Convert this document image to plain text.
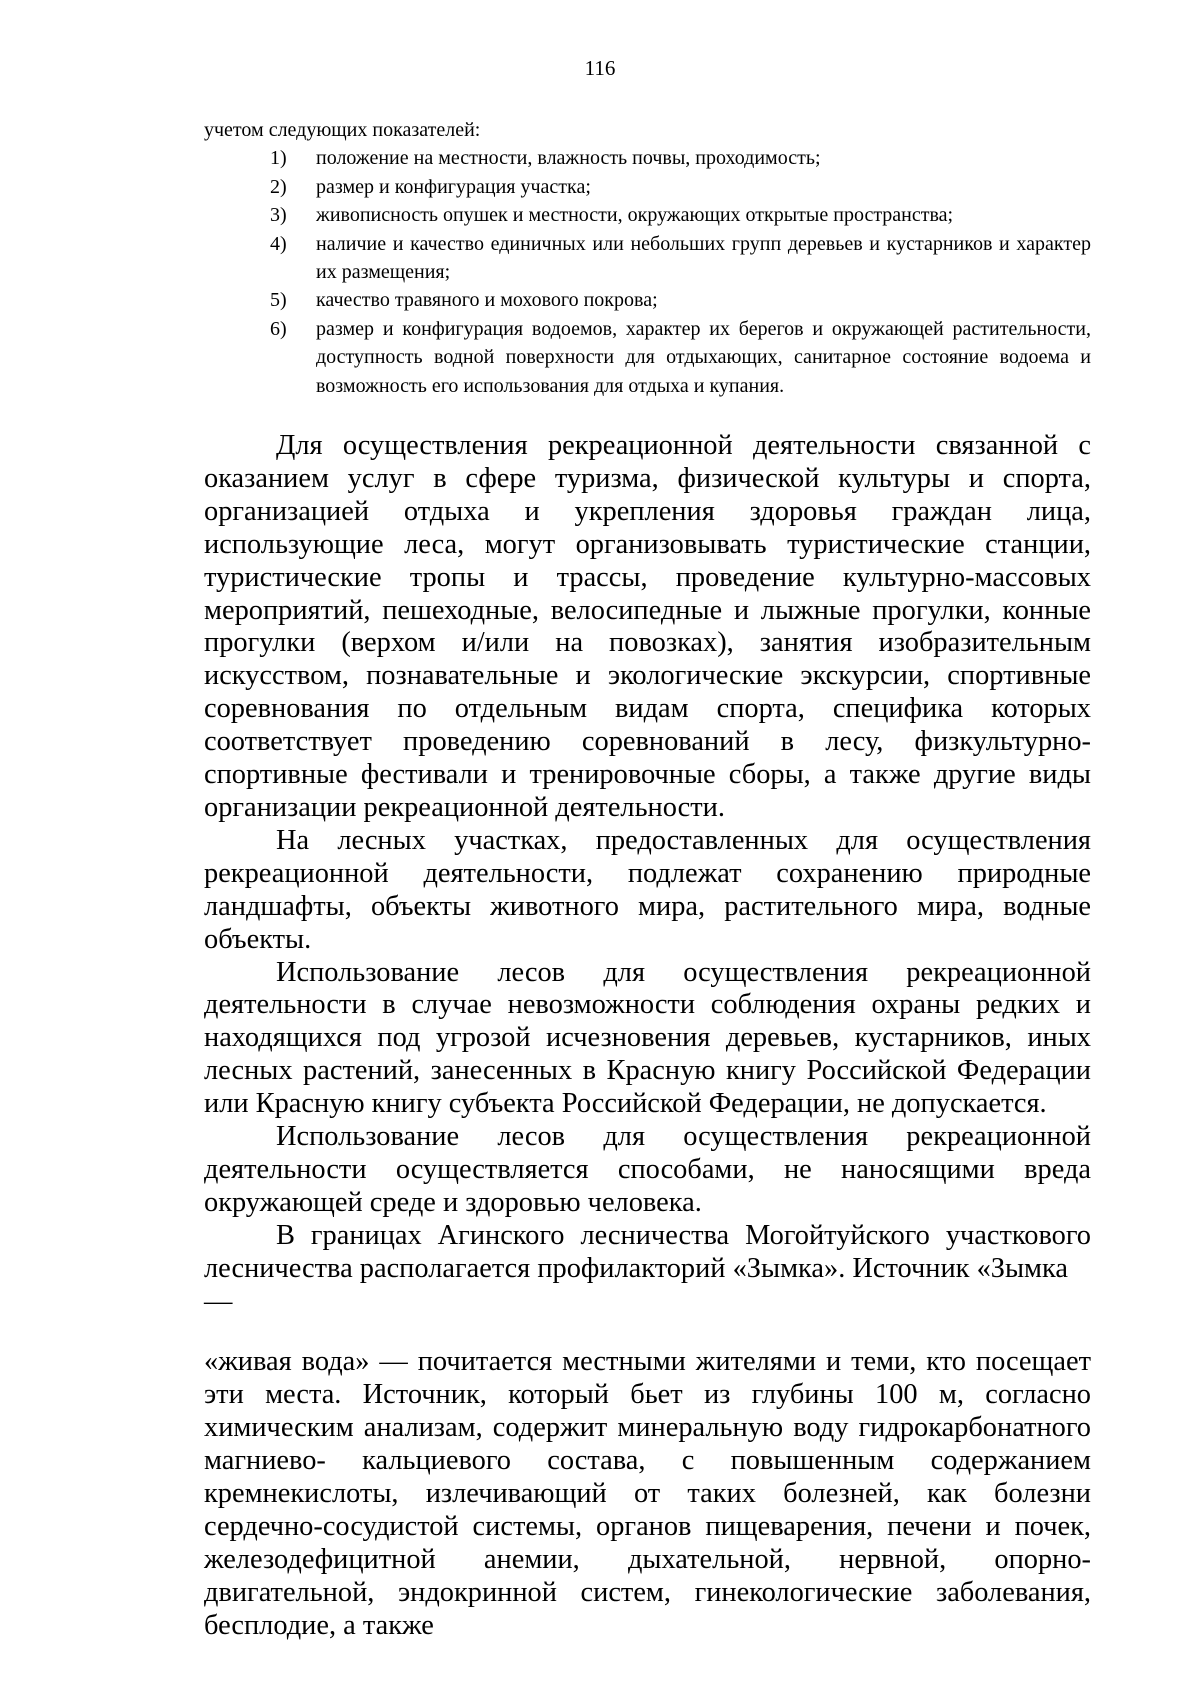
116

учетом следующих показателей:

1) положение на местности, влажность почвы, проходимость;
2) размер и конфигурация участка;
3) живописность опушек и местности, окружающих открытые пространства;
4) наличие и качество единичных или небольших групп деревьев и кустарников и характер их размещения;
5) качество травяного и мохового покрова;
6) размер и конфигурация водоемов, характер их берегов и окружающей растительности, доступность водной поверхности для отдыхающих, санитарное состояние водоема и возможность его использования для отдыха и купания.

Для осуществления рекреационной деятельности связанной с оказанием услуг в сфере туризма, физической культуры и спорта, организацией отдыха и укрепления здоровья граждан лица, использующие леса, могут организовывать туристические станции, туристические тропы и трассы, проведение культурно-массовых мероприятий, пешеходные, велосипедные и лыжные прогулки, конные прогулки (верхом и/или на повозках), занятия изобразительным искусством, познавательные и экологические экскурсии, спортивные соревнования по отдельным видам спорта, специфика которых соответствует проведению соревнований в лесу, физкультурно-спортивные фестивали и тренировочные сборы, а также другие виды организации рекреационной деятельности.

На лесных участках, предоставленных для осуществления рекреационной деятельности, подлежат сохранению природные ландшафты, объекты животного мира, растительного мира, водные объекты.

Использование лесов для осуществления рекреационной деятельности в случае невозможности соблюдения охраны редких и находящихся под угрозой исчезновения деревьев, кустарников, иных лесных растений, занесенных в Красную книгу Российской Федерации или Красную книгу субъекта Российской Федерации, не допускается.

Использование лесов для осуществления рекреационной деятельности осуществляется способами, не наносящими вреда окружающей среде и здоровью человека.

В границах Агинского лесничества Могойтуйского участкового лесничества располагается профилакторий «Зымка». Источник «Зымка

—

«живая вода» — почитается местными жителями и теми, кто посещает эти места. Источник, который бьет из глубины 100 м, согласно химическим анализам, содержит минеральную воду гидрокарбонатного магниево- кальциевого состава, с повышенным содержанием кремнекислоты, излечивающий от таких болезней, как болезни сердечно-сосудистой системы, органов пищеварения, печени и почек, железодефицитной анемии, дыхательной, нервной, опорно-двигательной, эндокринной систем, гинекологические заболевания, бесплодие, а также
